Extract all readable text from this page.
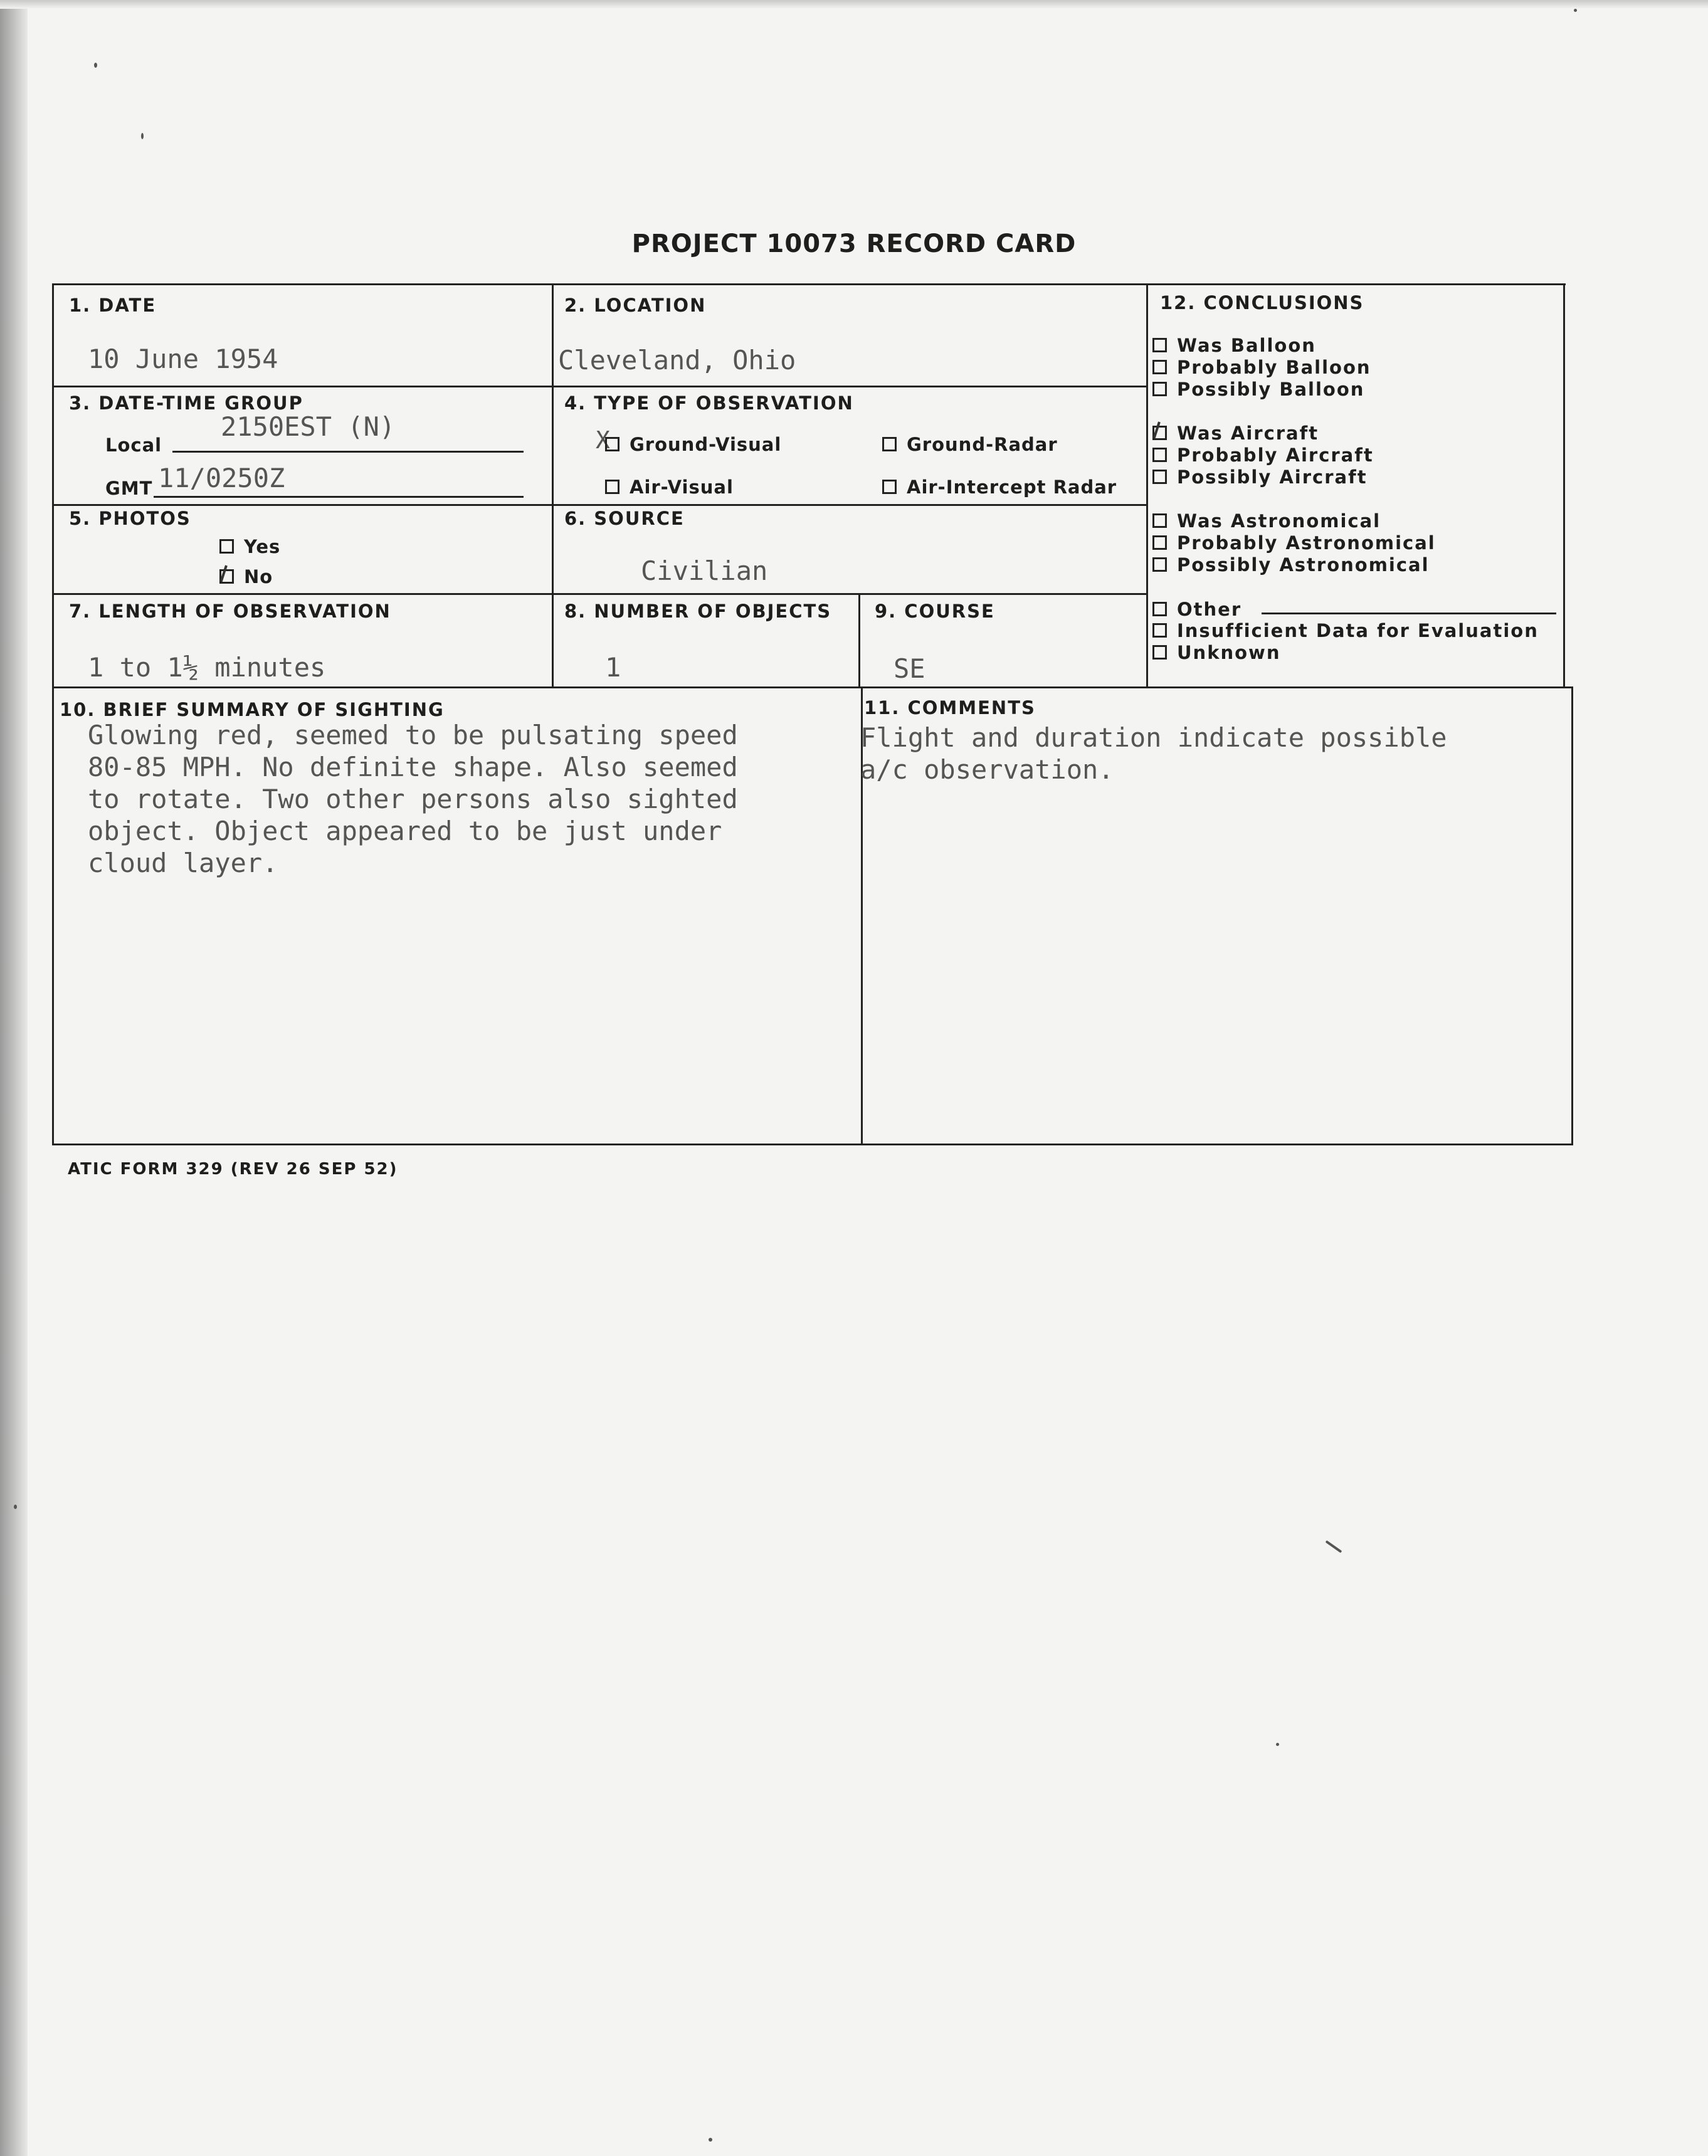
PROJECT 10073 RECORD CARD
1. DATE
10 June 1954
2. LOCATION
Cleveland, Ohio
3. DATE-TIME GROUP
Local
2150EST (N)
GMT 11/0250Z
4. TYPE OF OBSERVATION
X	Ground-Visual	Ground-Radar
Air-Visual	Air-Intercept Radar
5. PHOTOS
Yes
No
6. SOURCE
Civilian
7. LENGTH OF OBSERVATION
1 to 1½ minutes
8. NUMBER OF OBJECTS
1
9. COURSE
SE
10. BRIEF SUMMARY OF SIGHTING
Glowing red, seemed to be pulsating speed
80-85 MPH. No definite shape. Also seemed
to rotate. Two other persons also sighted
object. Object appeared to be just under
cloud layer.
11. COMMENTS
Flight and duration indicate possible
a/c observation.
12. CONCLUSIONS
Was Balloon
Probably Balloon
Possibly Balloon
Was Aircraft
Probably Aircraft
Possibly Aircraft
Was Astronomical
Probably Astronomical
Possibly Astronomical
Other
Insufficient Data for Evaluation
Unknown
ATIC FORM 329 (REV 26 SEP 52)
